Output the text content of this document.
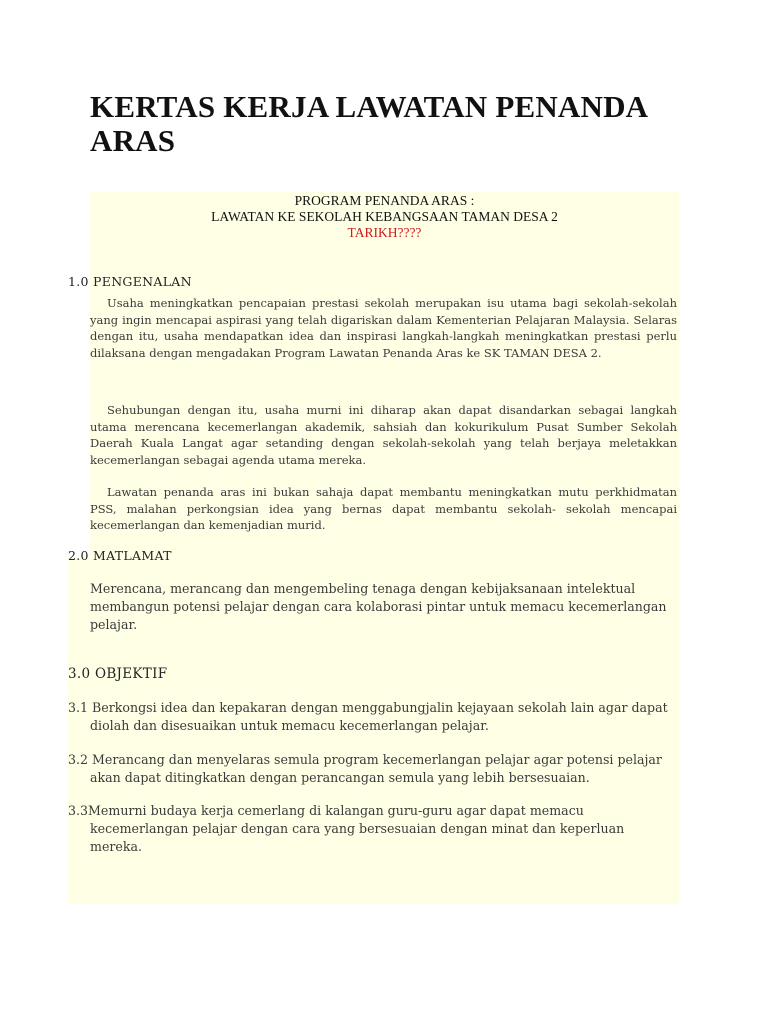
KERTAS KERJA LAWATAN PENANDA ARAS
PROGRAM PENANDA ARAS :
LAWATAN KE SEKOLAH KEBANGSAAN TAMAN DESA 2
TARIKH????
1.0 PENGENALAN
Usaha meningkatkan pencapaian prestasi sekolah merupakan isu utama bagi sekolah-sekolah yang ingin mencapai aspirasi yang telah digariskan dalam Kementerian Pelajaran Malaysia. Selaras dengan itu, usaha mendapatkan idea dan inspirasi langkah-langkah meningkatkan prestasi perlu dilaksana dengan mengadakan Program Lawatan Penanda Aras ke SK TAMAN DESA 2.
Sehubungan dengan itu, usaha murni ini diharap akan dapat disandarkan sebagai langkah utama merencana kecemerlangan akademik, sahsiah dan kokurikulum Pusat Sumber Sekolah Daerah Kuala Langat agar setanding dengan sekolah-sekolah yang telah berjaya meletakkan kecemerlangan sebagai agenda utama mereka.
Lawatan penanda aras ini bukan sahaja dapat membantu meningkatkan mutu perkhidmatan PSS, malahan perkongsian idea yang bernas dapat membantu sekolah- sekolah mencapai kecemerlangan dan kemenjadian murid.
2.0 MATLAMAT
Merencana, merancang dan mengembeling tenaga dengan kebijaksanaan intelektual membangun potensi pelajar dengan cara kolaborasi pintar untuk memacu kecemerlangan pelajar.
3.0 OBJEKTIF
3.1 Berkongsi idea dan kepakaran dengan menggabungjalin kejayaan sekolah lain agar dapat diolah dan disesuaikan untuk memacu kecemerlangan pelajar.
3.2 Merancang dan menyelaras semula program kecemerlangan pelajar agar potensi pelajar akan dapat ditingkatkan dengan perancangan semula yang lebih bersesuaian.
3.3Memurni budaya kerja cemerlang di kalangan guru-guru agar dapat memacu kecemerlangan pelajar dengan cara yang bersesuaian dengan minat dan keperluan mereka.
